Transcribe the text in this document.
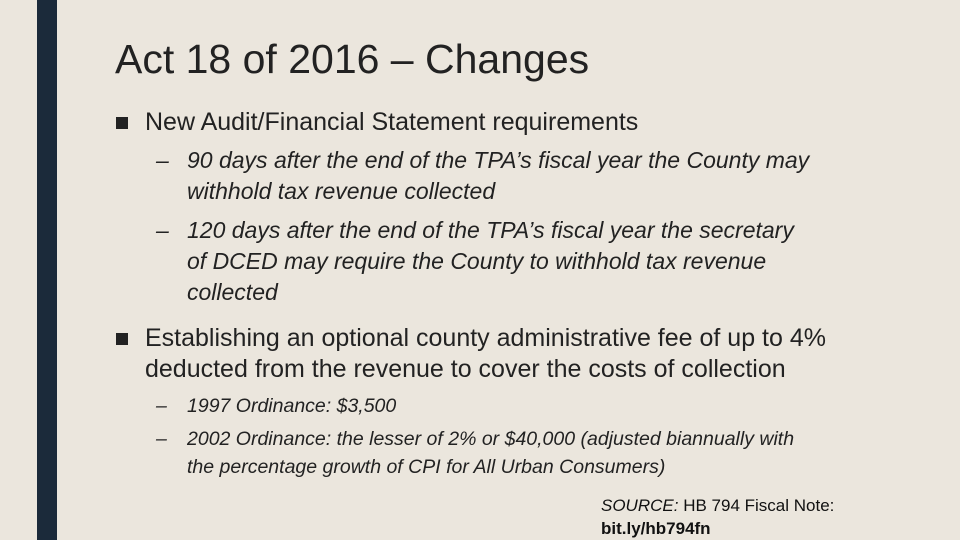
Act 18 of 2016 – Changes
New Audit/Financial Statement requirements
– 90 days after the end of the TPA’s fiscal year the County may
withhold tax revenue collected
– 120 days after the end of the TPA’s fiscal year the secretary
of DCED may require the County to withhold tax revenue
collected
Establishing an optional county administrative fee of up to 4%
deducted from the revenue to cover the costs of collection
– 1997 Ordinance: $3,500
– 2002 Ordinance: the lesser of 2% or $40,000 (adjusted biannually with
the percentage growth of CPI for All Urban Consumers)
SOURCE: HB 794 Fiscal Note:
bit.ly/hb794fn
